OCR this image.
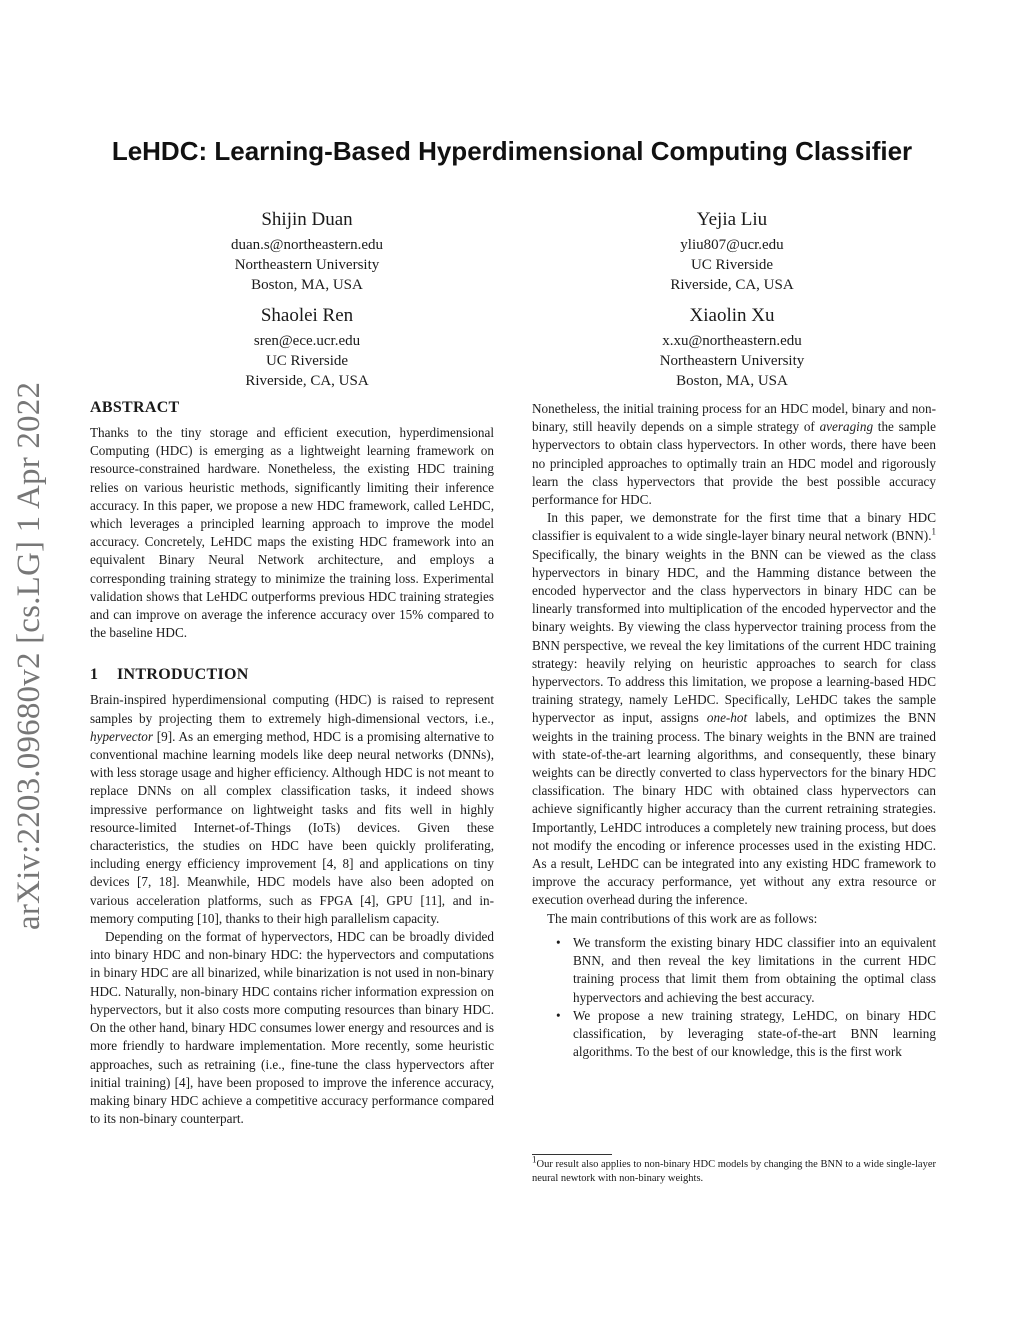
arXiv:2203.09680v2 [cs.LG] 1 Apr 2022
LeHDC: Learning-Based Hyperdimensional Computing Classifier
Shijin Duan
duan.s@northeastern.edu
Northeastern University
Boston, MA, USA
Yejia Liu
yliu807@ucr.edu
UC Riverside
Riverside, CA, USA
Shaolei Ren
sren@ece.ucr.edu
UC Riverside
Riverside, CA, USA
Xiaolin Xu
x.xu@northeastern.edu
Northeastern University
Boston, MA, USA
ABSTRACT

Thanks to the tiny storage and efficient execution, hyperdimensional Computing (HDC) is emerging as a lightweight learning framework on resource-constrained hardware. Nonetheless, the existing HDC training relies on various heuristic methods, significantly limiting their inference accuracy. In this paper, we propose a new HDC framework, called LeHDC, which leverages a principled learning approach to improve the model accuracy. Concretely, LeHDC maps the existing HDC framework into an equivalent Binary Neural Network architecture, and employs a corresponding training strategy to minimize the training loss. Experimental validation shows that LeHDC outperforms previous HDC training strategies and can improve on average the inference accuracy over 15% compared to the baseline HDC.

1 INTRODUCTION

Brain-inspired hyperdimensional computing (HDC) is raised to represent samples by projecting them to extremely high-dimensional vectors, i.e., hypervector [9]. As an emerging method, HDC is a promising alternative to conventional machine learning models like deep neural networks (DNNs), with less storage usage and higher efficiency. Although HDC is not meant to replace DNNs on all complex classification tasks, it indeed shows impressive performance on lightweight tasks and fits well in highly resource-limited Internet-of-Things (IoTs) devices. Given these characteristics, the studies on HDC have been quickly proliferating, including energy efficiency improvement [4, 8] and applications on tiny devices [7, 18]. Meanwhile, HDC models have also been adopted on various acceleration platforms, such as FPGA [4], GPU [11], and in-memory computing [10], thanks to their high parallelism capacity.

Depending on the format of hypervectors, HDC can be broadly divided into binary HDC and non-binary HDC: the hypervectors and computations in binary HDC are all binarized, while binarization is not used in non-binary HDC. Naturally, non-binary HDC contains richer information expression on hypervectors, but it also costs more computing resources than binary HDC. On the other hand, binary HDC consumes lower energy and resources and is more friendly to hardware implementation. More recently, some heuristic approaches, such as retraining (i.e., fine-tune the class hypervectors after initial training) [4], have been proposed to improve the inference accuracy, making binary HDC achieve a competitive accuracy performance compared to its non-binary counterpart.

Nonetheless, the initial training process for an HDC model, binary and non-binary, still heavily depends on a simple strategy of averaging the sample hypervectors to obtain class hypervectors. In other words, there have been no principled approaches to optimally train an HDC model and rigorously learn the class hypervectors that provide the best possible accuracy performance for HDC.

In this paper, we demonstrate for the first time that a binary HDC classifier is equivalent to a wide single-layer binary neural network (BNN).$^1$ Specifically, the binary weights in the BNN can be viewed as the class hypervectors in binary HDC, and the Hamming distance between the encoded hypervector and the class hypervectors in binary HDC can be linearly transformed into multiplication of the encoded hypervector and the binary weights. By viewing the class hypervector training process from the BNN perspective, we reveal the key limitations of the current HDC training strategy: heavily relying on heuristic approaches to search for class hypervectors. To address this limitation, we propose a learning-based HDC training strategy, namely LeHDC. Specifically, LeHDC takes the sample hypervector as input, assigns one-hot labels, and optimizes the BNN weights in the training process. The binary weights in the BNN are trained with state-of-the-art learning algorithms, and consequently, these binary weights can be directly converted to class hypervectors for the binary HDC classification. The binary HDC with obtained class hypervectors can achieve significantly higher accuracy than the current retraining strategies. Importantly, LeHDC introduces a completely new training process, but does not modify the encoding or inference processes used in the existing HDC. As a result, LeHDC can be integrated into any existing HDC framework to improve the accuracy performance, yet without any extra resource or execution overhead during the inference.

The main contributions of this work are as follows:

• We transform the existing binary HDC classifier into an equivalent BNN, and then reveal the key limitations in the current HDC training process that limit them from obtaining the optimal class hypervectors and achieving the best accuracy.
• We propose a new training strategy, LeHDC, on binary HDC classification, by leveraging state-of-the-art BNN learning algorithms. To the best of our knowledge, this is the first work
$^1$Our result also applies to non-binary HDC models by changing the BNN to a wide single-layer neural newtork with non-binary weights.
